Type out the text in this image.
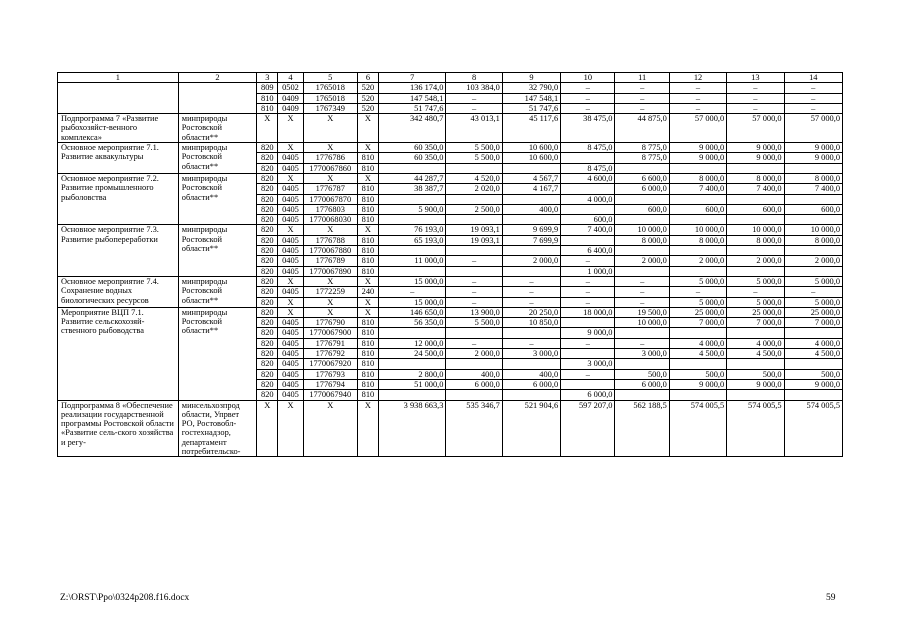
1	2	3	4	5	6	7	8	9	10	11	12	13	14
		809	0502	1765018	520	136 174,0	103 384,0	32 790,0	–	–	–	–	–
		810	0409	1765018	520	147 548,1	–	147 548,1	–	–	–	–	–
		810	0409	1767349	520	51 747,6	–	51 747,6	–	–	–	–	–
Подпрограмма 7 «Развитие рыбохозяйст-венного комплекса»	минприроды Ростовской области**	Х	Х	Х	Х	342 480,7	43 013,1	45 117,6	38 475,0	44 875,0	57 000,0	57 000,0	57 000,0
Основное мероприятие 7.1. Развитие аквакультуры	минприроды Ростовской области**	820	Х	Х	Х	60 350,0	5 500,0	10 600,0	8 475,0	8 775,0	9 000,0	9 000,0	9 000,0
		820	0405	1776786	810	60 350,0	5 500,0	10 600,0		8 775,0	9 000,0	9 000,0	9 000,0
		820	0405	1770067860	810				8 475,0				
Основное мероприятие 7.2. Развитие промышленного рыболовства	минприроды Ростовской области**	820	Х	Х	Х	44 287,7	4 520,0	4 567,7	4 600,0	6 600,0	8 000,0	8 000,0	8 000,0
		820	0405	1776787	810	38 387,7	2 020,0	4 167,7		6 000,0	7 400,0	7 400,0	7 400,0
		820	0405	1770067870	810				4 000,0				
		820	0405	1776803	810	5 900,0	2 500,0	400,0		600,0	600,0	600,0	600,0
		820	0405	1770068030	810				600,0				
Основное мероприятие 7.3. Развитие рыбопереработки	минприроды Ростовской области**	820	Х	Х	Х	76 193,0	19 093,1	9 699,9	7 400,0	10 000,0	10 000,0	10 000,0	10 000,0
		820	0405	1776788	810	65 193,0	19 093,1	7 699,9		8 000,0	8 000,0	8 000,0	8 000,0
		820	0405	1770067880	810				6 400,0				
		820	0405	1776789	810	11 000,0	–	2 000,0	–	2 000,0	2 000,0	2 000,0	2 000,0
		820	0405	1770067890	810				1 000,0				
Основное мероприятие 7.4. Сохранение водных биологических ресурсов	минприроды Ростовской области**	820	Х	Х	Х	15 000,0	–	–	–	–	5 000,0	5 000,0	5 000,0
		820	0405	1772259	240	–	–	–	–	–	–	–	–
		820	Х	Х	Х	15 000,0	–	–	–	–	5 000,0	5 000,0	5 000,0
Мероприятие ВЦП 7.1. Развитие сельскохозяй-ственного рыбоводства	минприроды Ростовской области**	820	Х	Х	Х	146 650,0	13 900,0	20 250,0	18 000,0	19 500,0	25 000,0	25 000,0	25 000,0
		820	0405	1776790	810	56 350,0	5 500,0	10 850,0		10 000,0	7 000,0	7 000,0	7 000,0
		820	0405	1770067900	810				9 000,0				
		820	0405	1776791	810	12 000,0	–	–	–	–	4 000,0	4 000,0	4 000,0
		820	0405	1776792	810	24 500,0	2 000,0	3 000,0		3 000,0	4 500,0	4 500,0	4 500,0
		820	0405	1770067920	810				3 000,0				
		820	0405	1776793	810	2 800,0	400,0	400,0	–	500,0	500,0	500,0	500,0
		820	0405	1776794	810	51 000,0	6 000,0	6 000,0		6 000,0	9 000,0	9 000,0	9 000,0
		820	0405	1770067940	810				6 000,0				
Подпрограмма 8 «Обеспечение реализации государственной программы Ростовской области «Развитие сель-ского хозяйства и регу-	минсельхозпрод области, Упрвет РО, Ростовобл-гостехнадзор, департамент потребительско-	Х	Х	Х	Х	3 938 663,3	535 346,7	521 904,6	597 207,0	562 188,5	574 005,5	574 005,5	574 005,5
Z:\ORST\Ppo\0324p208.f16.docx	59
